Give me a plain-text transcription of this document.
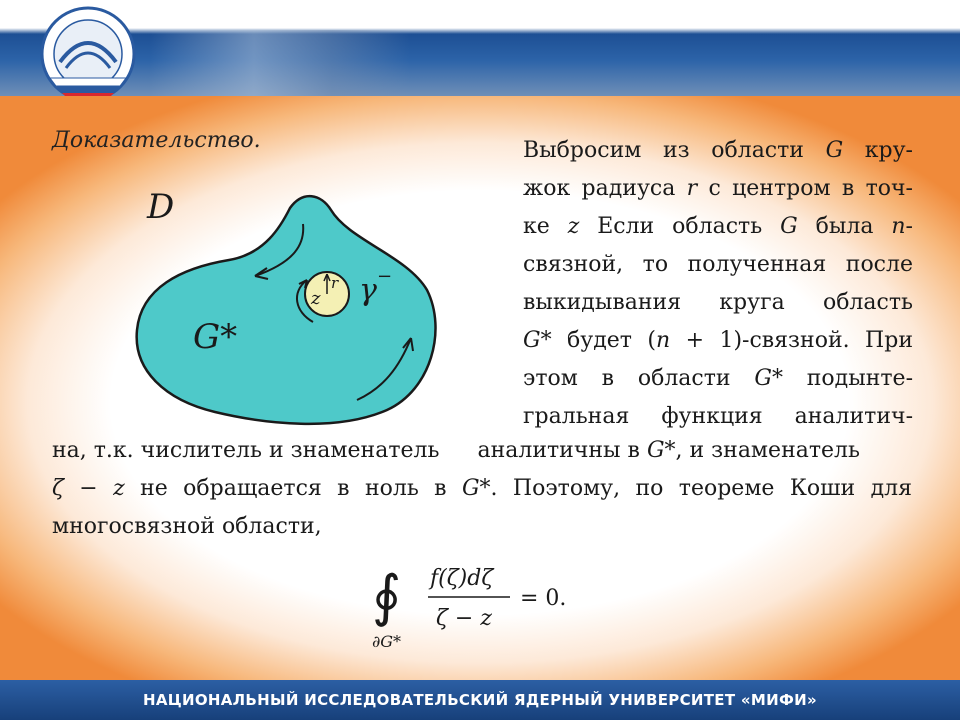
Доказательство.
D
G*
z
r γ −
Выбросим из области G кру-
жок радиуса r с центром в точ-
ке z Если область G была n-
связной, то полученная после
выкидывания круга область
G* будет (n + 1)-связной. При
этом в области G* подынте-
гральная функция аналитич-
на, т.к. числитель и знаменатель аналитичны в G*, и знаменатель
ζ − z не обращается в ноль в G*. Поэтому, по теореме Коши для
многосвязной области,
∮ f(ζ)dζ
ζ − z
= 0.
∂G*
НАЦИОНАЛЬНЫЙ ИССЛЕДОВАТЕЛЬСКИЙ ЯДЕРНЫЙ УНИВЕРСИТЕТ «МИФИ»
